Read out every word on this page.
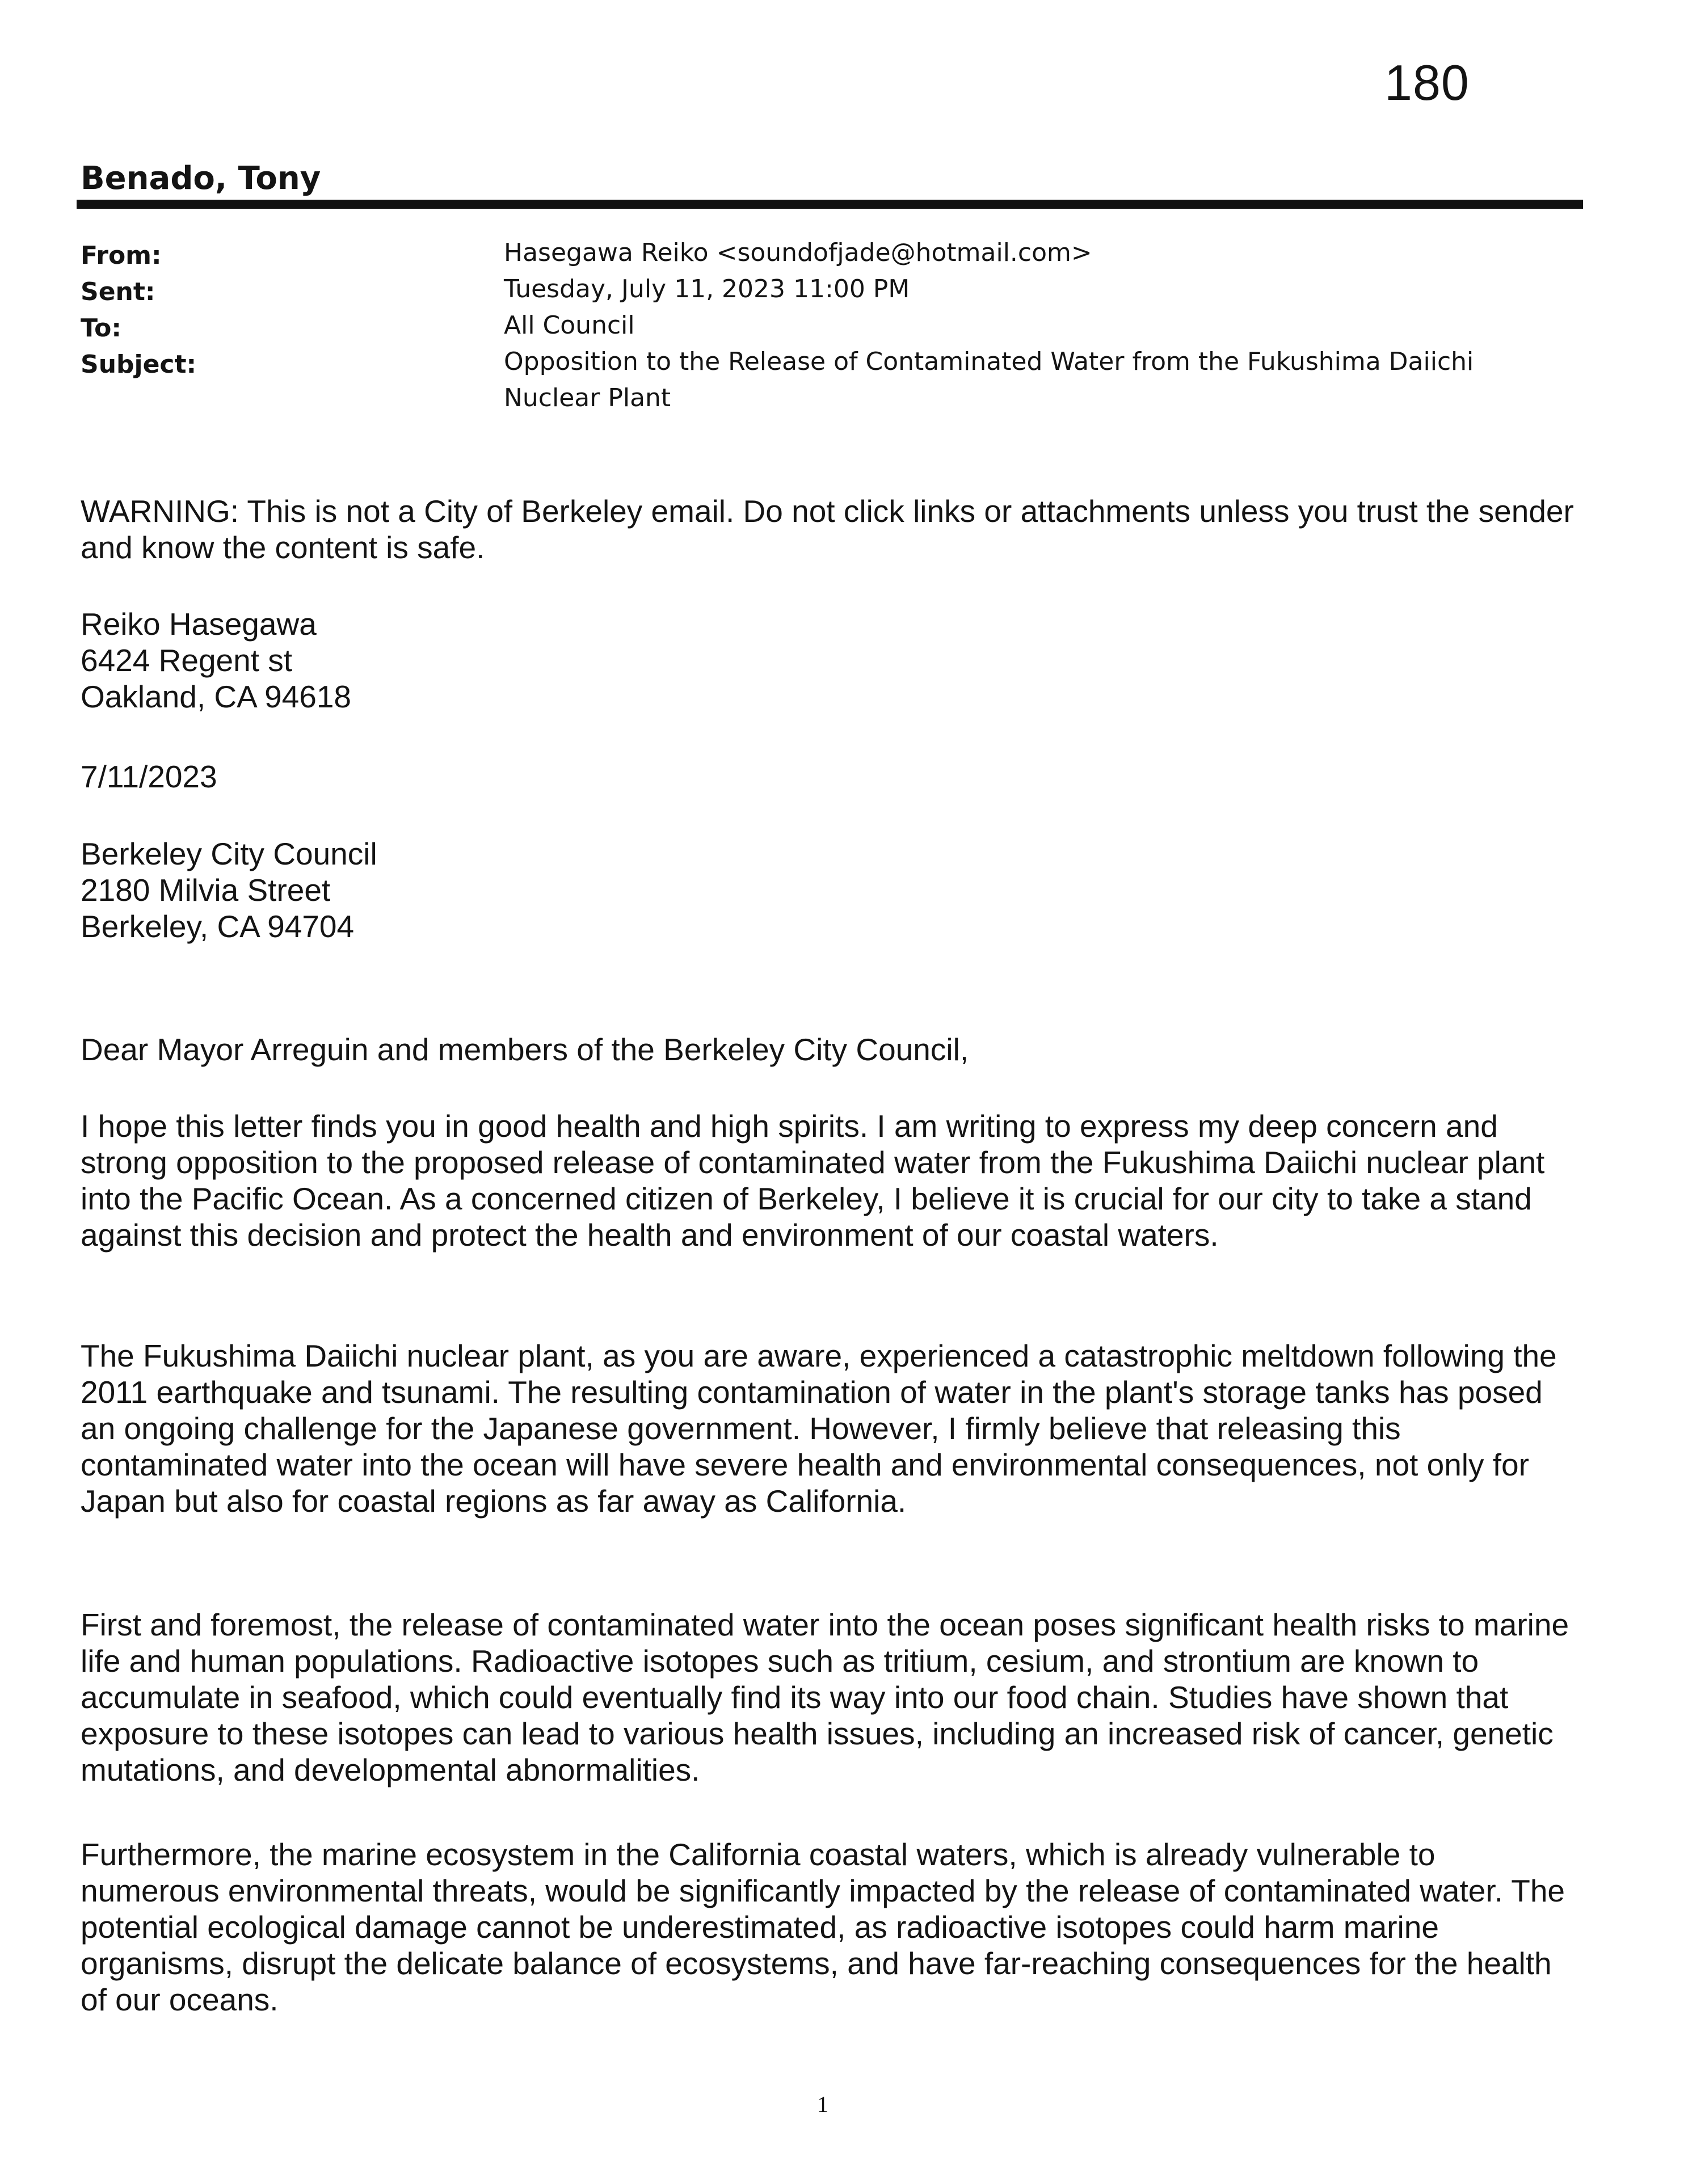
180
Benado, Tony
From:	Hasegawa Reiko <soundofjade@hotmail.com>
Sent:	Tuesday, July 11, 2023 11:00 PM
To:	All Council
Subject:	Opposition to the Release of Contaminated Water from the Fukushima Daiichi Nuclear Plant

WARNING: This is not a City of Berkeley email. Do not click links or attachments unless you trust the sender and know the content is safe.

Reiko Hasegawa
6424 Regent st
Oakland, CA 94618
7/11/2023
Berkeley City Council
2180 Milvia Street
Berkeley, CA 94704

Dear Mayor Arreguin and members of the Berkeley City Council,

I hope this letter finds you in good health and high spirits. I am writing to express my deep concern and strong opposition to the proposed release of contaminated water from the Fukushima Daiichi nuclear plant into the Pacific Ocean. As a concerned citizen of Berkeley, I believe it is crucial for our city to take a stand against this decision and protect the health and environment of our coastal waters.

The Fukushima Daiichi nuclear plant, as you are aware, experienced a catastrophic meltdown following the 2011 earthquake and tsunami. The resulting contamination of water in the plant's storage tanks has posed an ongoing challenge for the Japanese government. However, I firmly believe that releasing this contaminated water into the ocean will have severe health and environmental consequences, not only for Japan but also for coastal regions as far away as California.

First and foremost, the release of contaminated water into the ocean poses significant health risks to marine life and human populations. Radioactive isotopes such as tritium, cesium, and strontium are known to accumulate in seafood, which could eventually find its way into our food chain. Studies have shown that exposure to these isotopes can lead to various health issues, including an increased risk of cancer, genetic mutations, and developmental abnormalities.

Furthermore, the marine ecosystem in the California coastal waters, which is already vulnerable to numerous environmental threats, would be significantly impacted by the release of contaminated water. The potential ecological damage cannot be underestimated, as radioactive isotopes could harm marine organisms, disrupt the delicate balance of ecosystems, and have far-reaching consequences for the health of our oceans.

1
